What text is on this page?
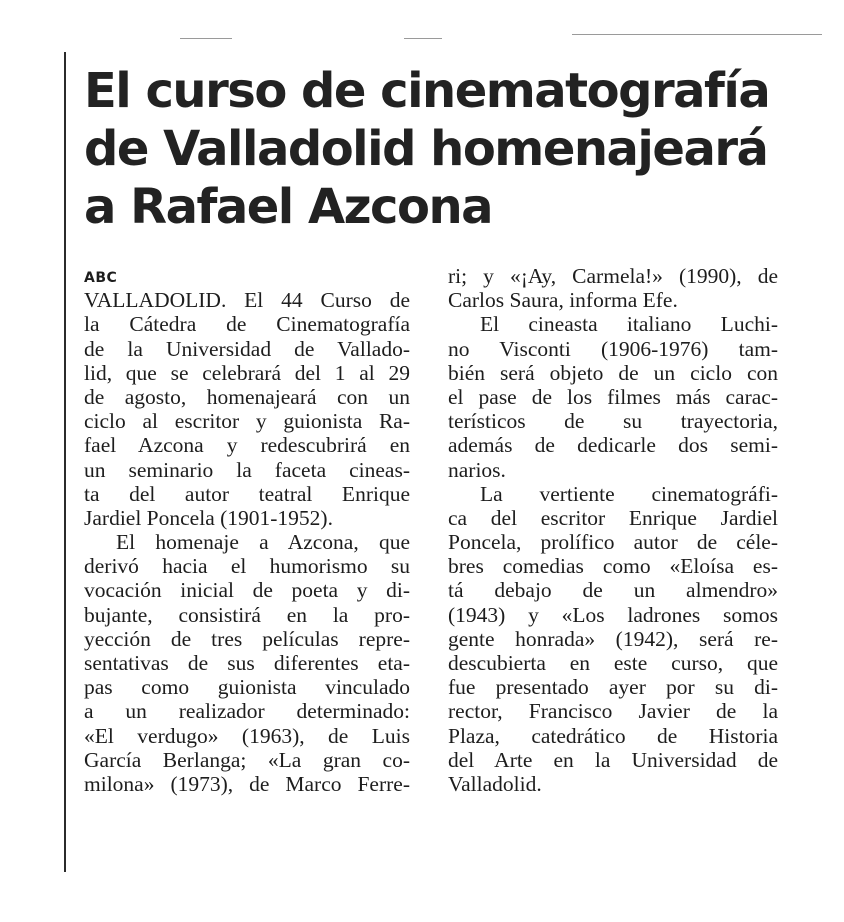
El curso de cinematografía
de Valladolid homenajeará
a Rafael Azcona
ABC
VALLADOLID. El 44 Curso de
la Cátedra de Cinematografía
de la Universidad de Vallado-
lid, que se celebrará del 1 al 29
de agosto, homenajeará con un
ciclo al escritor y guionista Ra-
fael Azcona y redescubrirá en
un seminario la faceta cineas-
ta del autor teatral Enrique
Jardiel Poncela (1901-1952).
El homenaje a Azcona, que
derivó hacia el humorismo su
vocación inicial de poeta y di-
bujante, consistirá en la pro-
yección de tres películas repre-
sentativas de sus diferentes eta-
pas como guionista vinculado
a un realizador determinado:
«El verdugo» (1963), de Luis
García Berlanga; «La gran co-
milona» (1973), de Marco Ferre-
ri; y «¡Ay, Carmela!» (1990), de
Carlos Saura, informa Efe.
El cineasta italiano Luchi-
no Visconti (1906-1976) tam-
bién será objeto de un ciclo con
el pase de los filmes más carac-
terísticos de su trayectoria,
además de dedicarle dos semi-
narios.
La vertiente cinematográfi-
ca del escritor Enrique Jardiel
Poncela, prolífico autor de céle-
bres comedias como «Eloísa es-
tá debajo de un almendro»
(1943) y «Los ladrones somos
gente honrada» (1942), será re-
descubierta en este curso, que
fue presentado ayer por su di-
rector, Francisco Javier de la
Plaza, catedrático de Historia
del Arte en la Universidad de
Valladolid.
